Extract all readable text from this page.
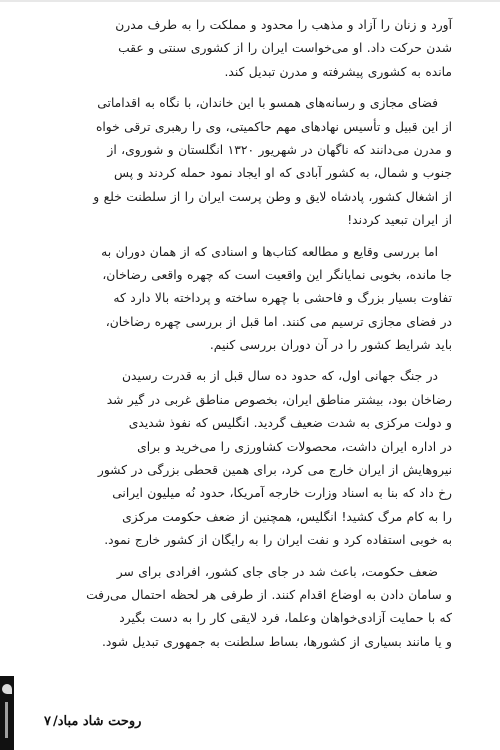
آورد و زنان را آزاد و مذهب را محدود و مملکت را به طرف مدرن
شدن حرکت داد. او می‌خواست ایران را از کشوری سنتی و عقب
مانده به کشوری پیشرفته و مدرن تبدیل کند.
فضای مجازی و رسانه‌های همسو با این خاندان، با نگاه به اقداماتی
از این قبیل و تأسیس نهادهای مهم حاکمیتی، وی را رهبری ترقی خواه
و مدرن می‌دانند که ناگهان در شهریور ۱۳۲۰ انگلستان و شوروی، از
جنوب و شمال، به کشور آبادی که او ایجاد نمود حمله کردند و پس
از اشغال کشور، پادشاه لایق و وطن پرست ایران را از سلطنت خلع و
از ایران تبعید کردند!
اما بررسی وقایع و مطالعه کتاب‌ها و اسنادی که از همان دوران به
جا مانده، بخوبی نمایانگر این واقعیت است که چهره واقعی رضاخان،
تفاوت بسیار بزرگ و فاحشی با چهره ساخته و پرداخته بالا دارد که
در فضای مجازی ترسیم می کنند. اما قبل از بررسی چهره رضاخان،
باید شرایط کشور را در آن دوران بررسی کنیم.
در جنگ جهانی اول، که حدود ده سال قبل از به قدرت رسیدن
رضاخان بود، بیشتر مناطق ایران، بخصوص مناطق غربی در گیر شد
و دولت مرکزی به شدت ضعیف گردید. انگلیس که نفوذ شدیدی
در اداره ایران داشت، محصولات کشاورزی را می‌خرید و برای
نیروهایش از ایران خارج می کرد، برای همین قحطی بزرگی در کشور
رخ داد که بنا به اسناد وزارت خارجه آمریکا، حدود نُه میلیون ایرانی
را به کام مرگ کشید! انگلیس، همچنین از ضعف حکومت مرکزی
به خوبی استفاده کرد و نفت ایران را به رایگان از کشور خارج نمود.
ضعف حکومت، باعث شد در جای جای کشور، افرادی برای سر
و سامان دادن به اوضاع اقدام کنند. از طرفی هر لحظه احتمال می‌رفت
که با حمایت آزادی‌خواهان وعلما، فرد لایقی کار را به دست بگیرد
و یا مانند بسیاری از کشورها، بساط سلطنت به جمهوری تبدیل شود.
روحت شاد مباد/۷
